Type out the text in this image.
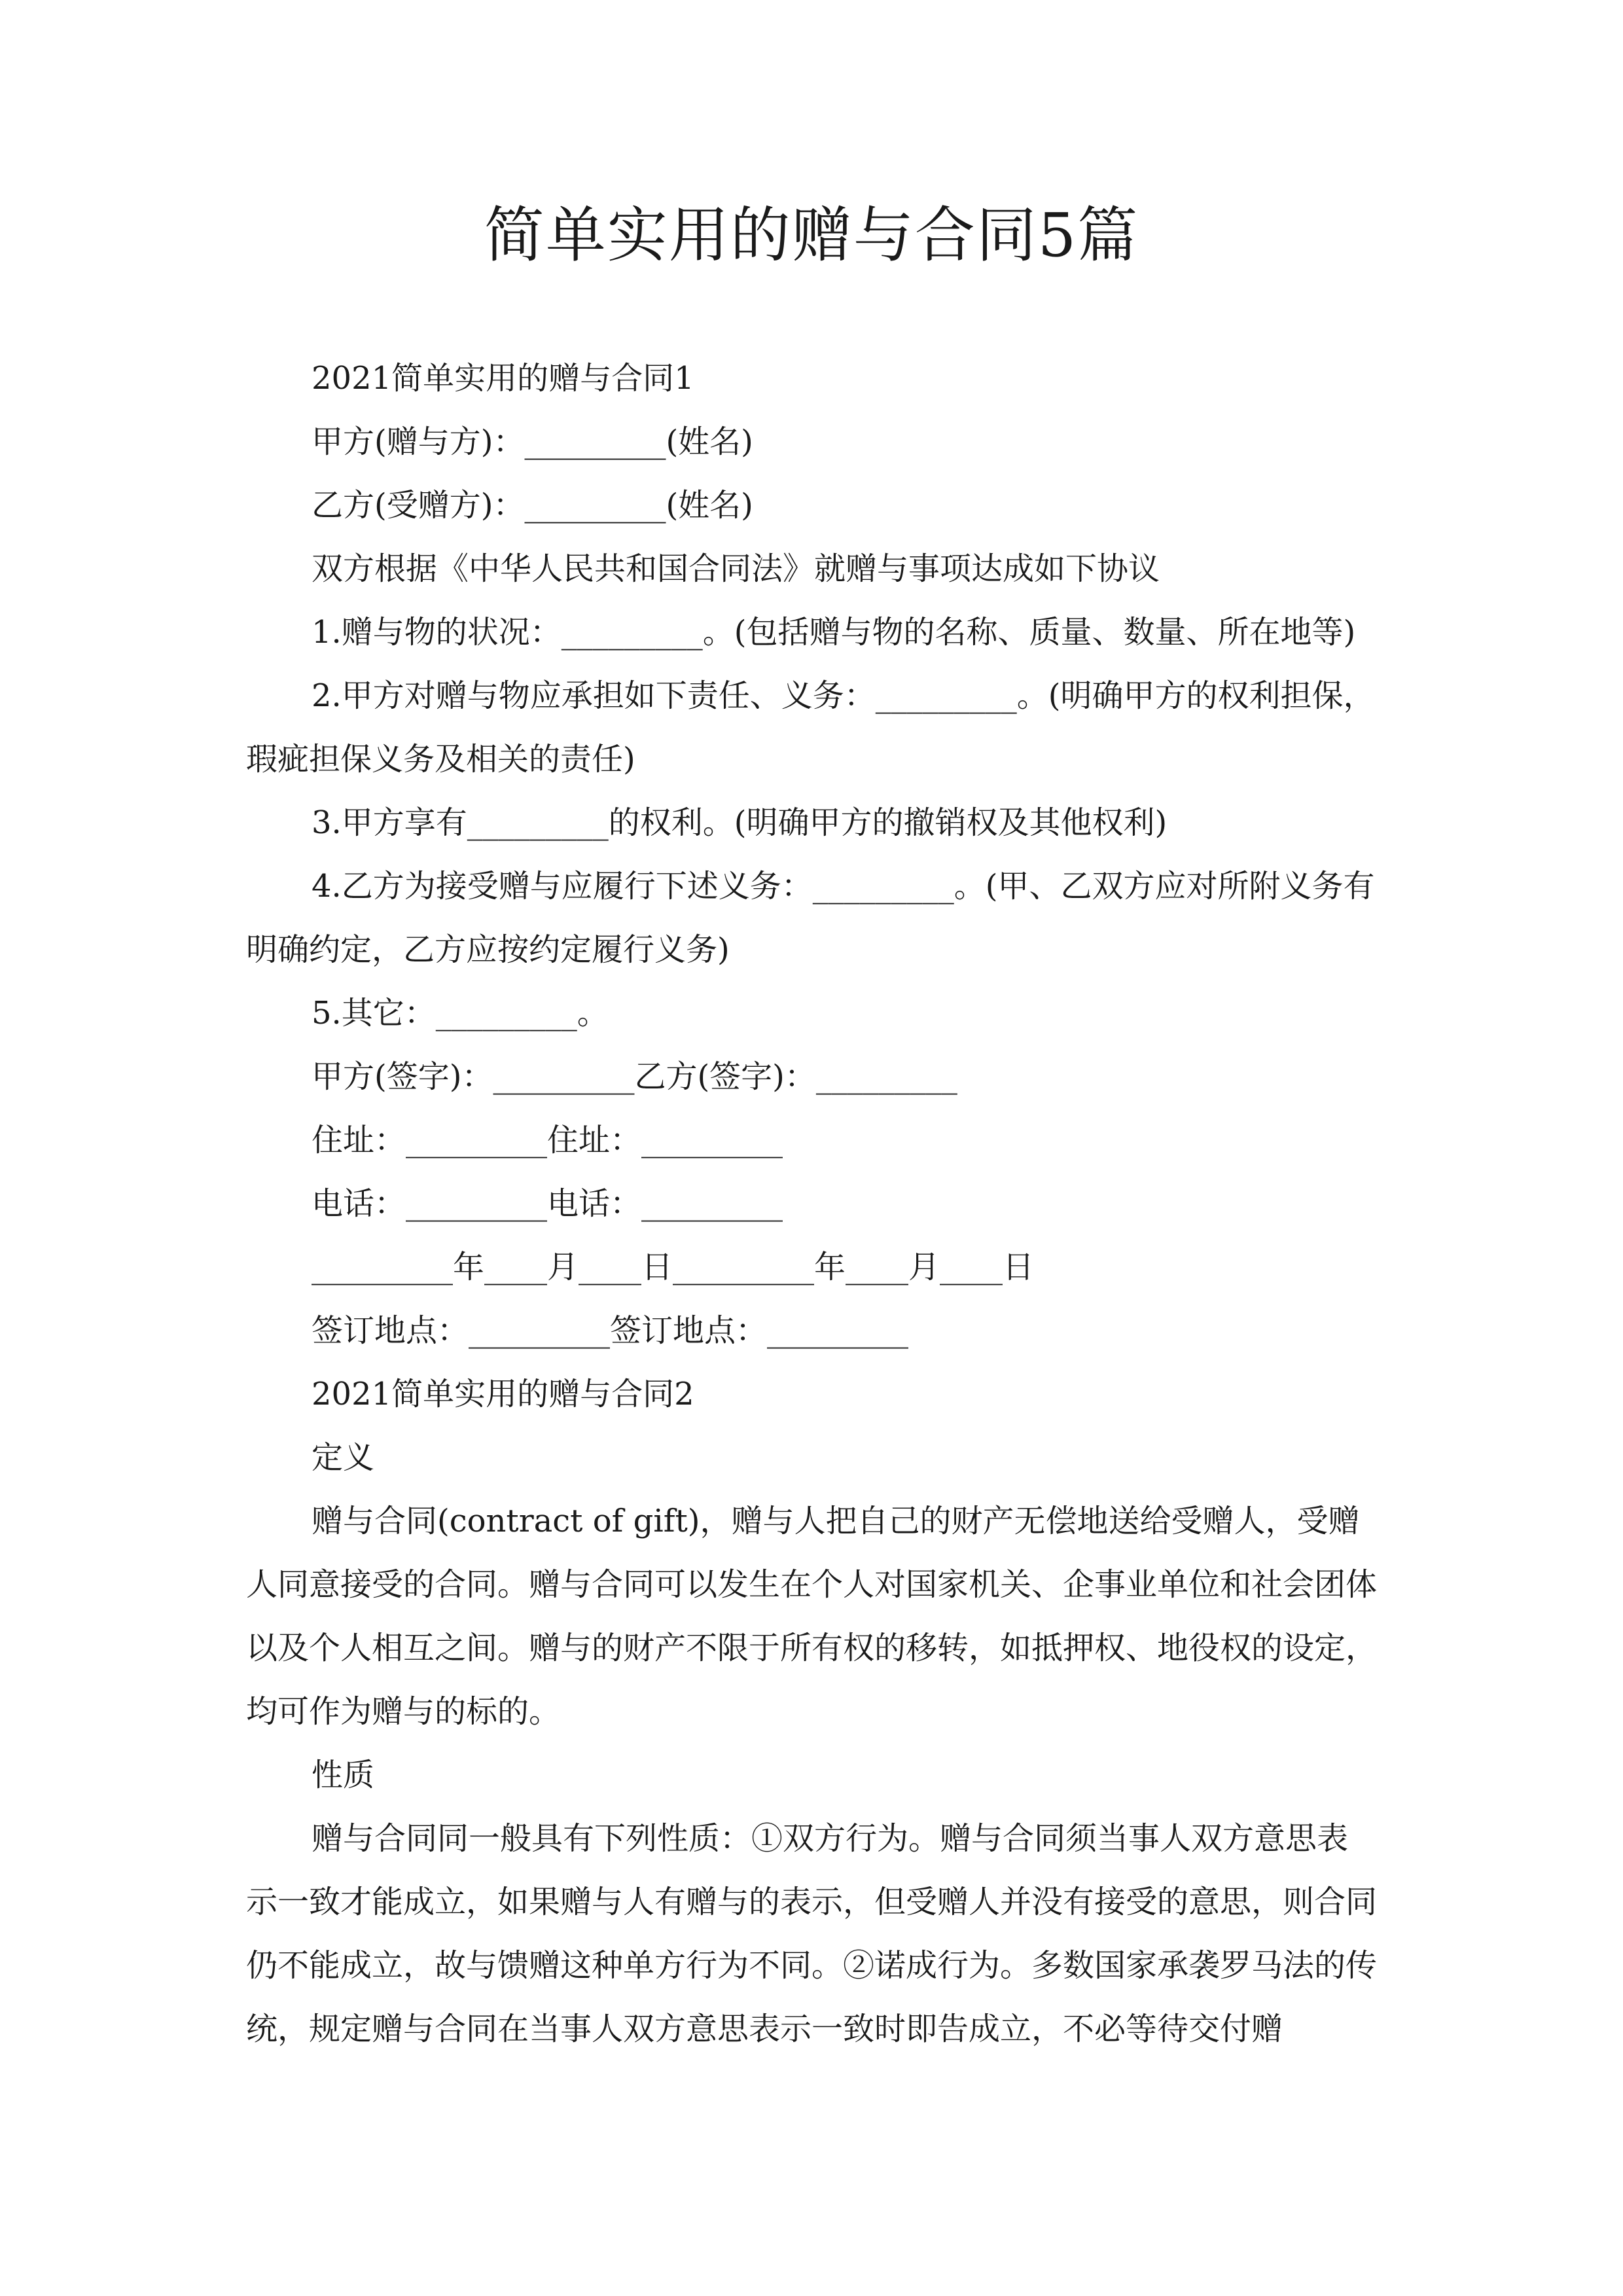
简单实用的赠与合同5篇

2021简单实用的赠与合同1

甲方(赠与方)：_________(姓名)

乙方(受赠方)：_________(姓名)

双方根据《中华人民共和国合同法》就赠与事项达成如下协议

1.赠与物的状况：_________。(包括赠与物的名称、质量、数量、所在地等)

2.甲方对赠与物应承担如下责任、义务：_________。(明确甲方的权利担保，瑕疵担保义务及相关的责任)

3.甲方享有_________的权利。(明确甲方的撤销权及其他权利)

4.乙方为接受赠与应履行下述义务：_________。(甲、乙双方应对所附义务有明确约定，乙方应按约定履行义务)

5.其它：_________。

甲方(签字)：_________乙方(签字)：_________

住址：_________住址：_________

电话：_________电话：_________

_________年____月____日_________年____月____日

签订地点：_________签订地点：_________

2021简单实用的赠与合同2

定义

赠与合同(contract of gift)，赠与人把自己的财产无偿地送给受赠人，受赠人同意接受的合同。赠与合同可以发生在个人对国家机关、企事业单位和社会团体以及个人相互之间。赠与的财产不限于所有权的移转，如抵押权、地役权的设定，均可作为赠与的标的。

性质

赠与合同同一般具有下列性质：①双方行为。赠与合同须当事人双方意思表示一致才能成立，如果赠与人有赠与的表示，但受赠人并没有接受的意思，则合同仍不能成立，故与馈赠这种单方行为不同。②诺成行为。多数国家承袭罗马法的传统，规定赠与合同在当事人双方意思表示一致时即告成立，不必等待交付赠
